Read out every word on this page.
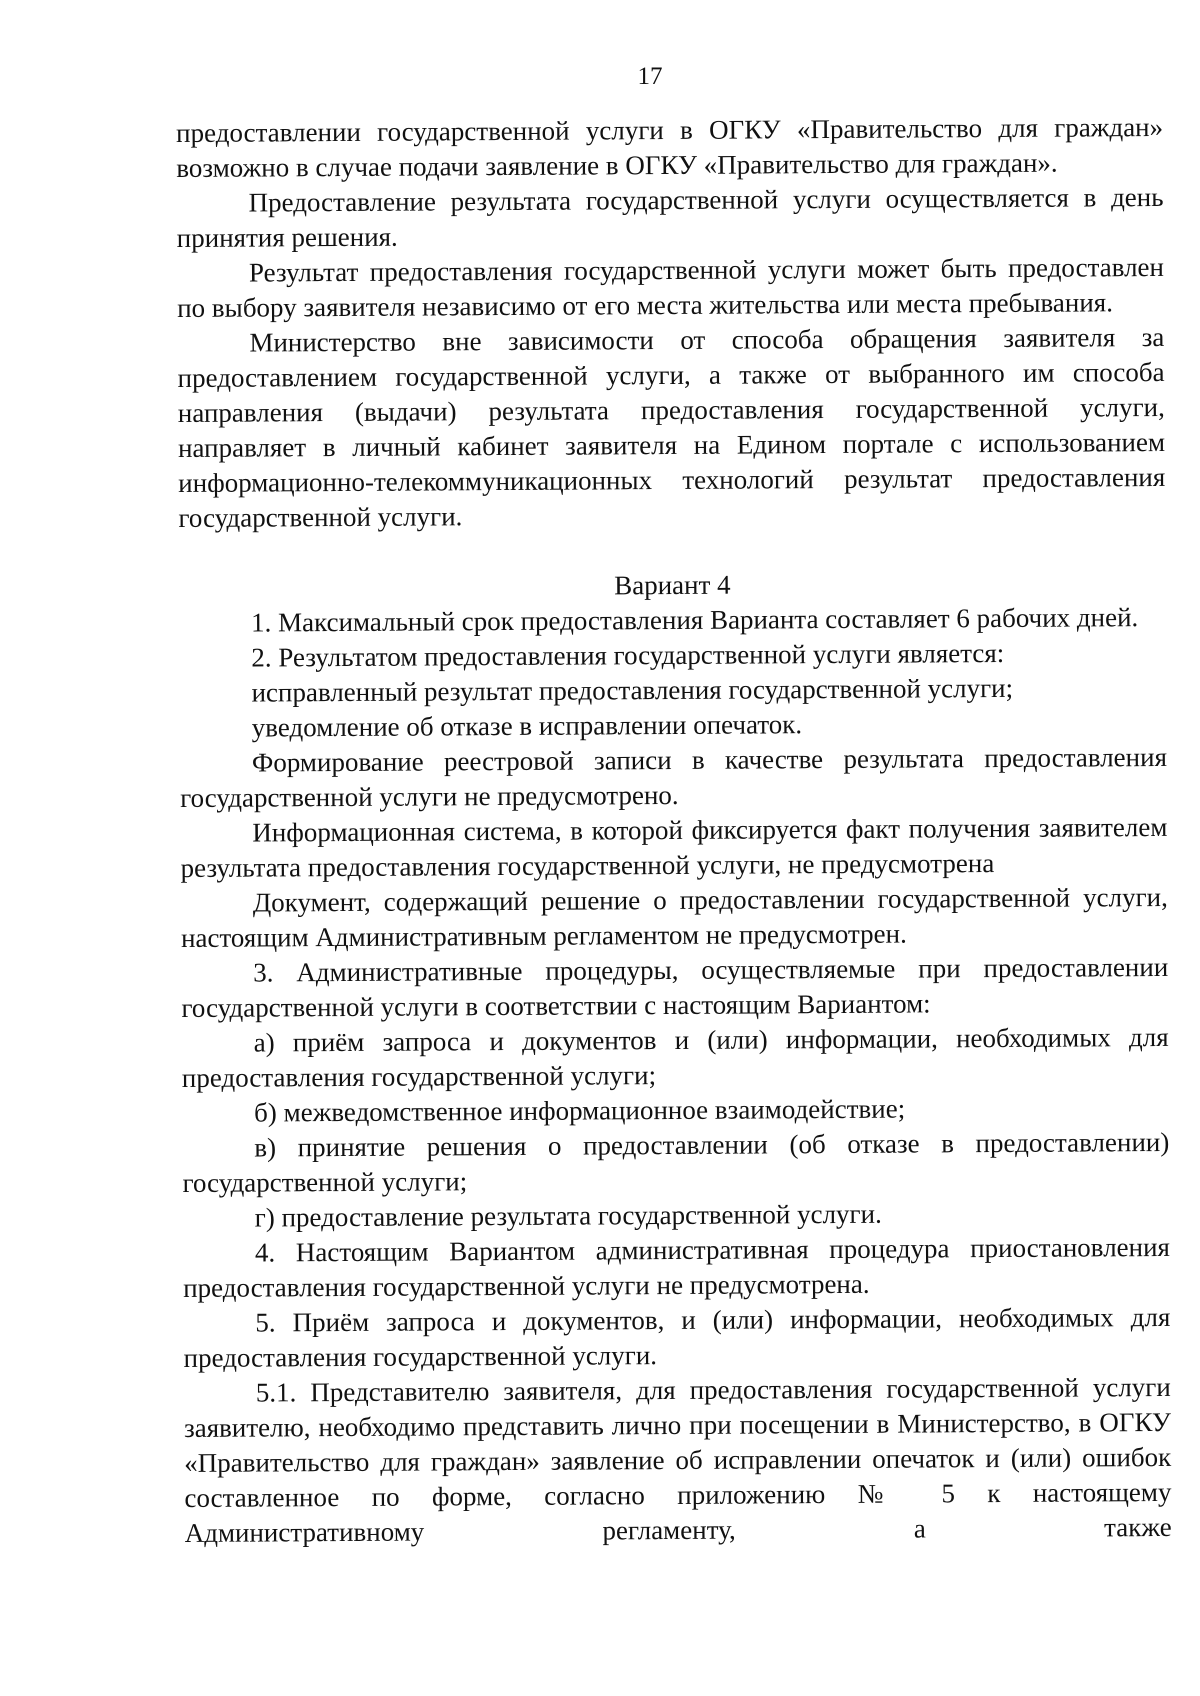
17

предоставлении государственной услуги в ОГКУ «Правительство для граждан» возможно в случае подачи заявление в ОГКУ «Правительство для граждан».

Предоставление результата государственной услуги осуществляется в день принятия решения.

Результат предоставления государственной услуги может быть предоставлен по выбору заявителя независимо от его места жительства или места пребывания.

Министерство вне зависимости от способа обращения заявителя за предоставлением государственной услуги, а также от выбранного им способа направления (выдачи) результата предоставления государственной услуги, направляет в личный кабинет заявителя на Едином портале с использованием информационно-телекоммуникационных технологий результат предоставления государственной услуги.

Вариант 4

1. Максимальный срок предоставления Варианта составляет 6 рабочих дней.

2. Результатом предоставления государственной услуги является:

исправленный результат предоставления государственной услуги;

уведомление об отказе в исправлении опечаток.

Формирование реестровой записи в качестве результата предоставления государственной услуги не предусмотрено.

Информационная система, в которой фиксируется факт получения заявителем результата предоставления государственной услуги, не предусмотрена

Документ, содержащий решение о предоставлении государственной услуги, настоящим Административным регламентом не предусмотрен.

3. Административные процедуры, осуществляемые при предоставлении государственной услуги в соответствии с настоящим Вариантом:

а) приём запроса и документов и (или) информации, необходимых для предоставления государственной услуги;

б) межведомственное информационное взаимодействие;

в) принятие решения о предоставлении (об отказе в предоставлении) государственной услуги;

г) предоставление результата государственной услуги.

4. Настоящим Вариантом административная процедура приостановления предоставления государственной услуги не предусмотрена.

5. Приём запроса и документов, и (или) информации, необходимых для предоставления государственной услуги.

5.1. Представителю заявителя, для предоставления государственной услуги заявителю, необходимо представить лично при посещении в Министерство, в ОГКУ «Правительство для граждан» заявление об исправлении опечаток и (или) ошибок составленное по форме, согласно приложению № 5 к настоящему Административному регламенту, а также
